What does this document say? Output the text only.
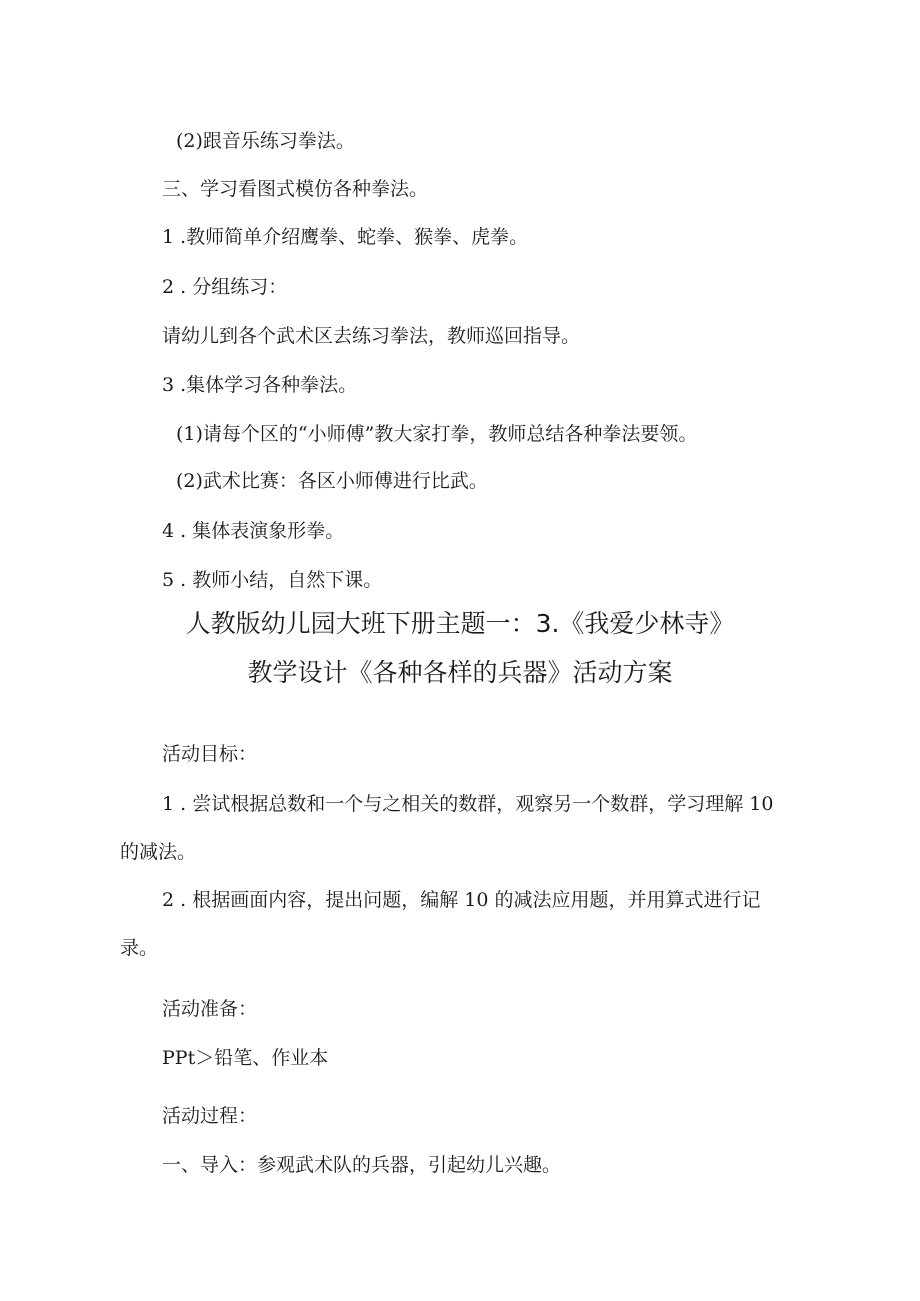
(2)跟音乐练习拳法。
三、学习看图式模仿各种拳法。
1 .教师简单介绍鹰拳、蛇拳、猴拳、虎拳。
2 . 分组练习：
请幼儿到各个武术区去练习拳法，教师巡回指导。
3 .集体学习各种拳法。
(1)请每个区的“小师傅”教大家打拳，教师总结各种拳法要领。
(2)武术比赛：各区小师傅进行比武。
4 . 集体表演象形拳。
5 . 教师小结，自然下课。
人教版幼儿园大班下册主题一：3.《我爱少林寺》
教学设计《各种各样的兵器》活动方案
活动目标：
1 . 尝试根据总数和一个与之相关的数群，观察另一个数群，学习理解 10
的减法。
2 . 根据画面内容，提出问题，编解 10 的减法应用题，并用算式进行记
录。
活动准备：
PPt＞铅笔、作业本
活动过程：
一、导入：参观武术队的兵器，引起幼儿兴趣。
